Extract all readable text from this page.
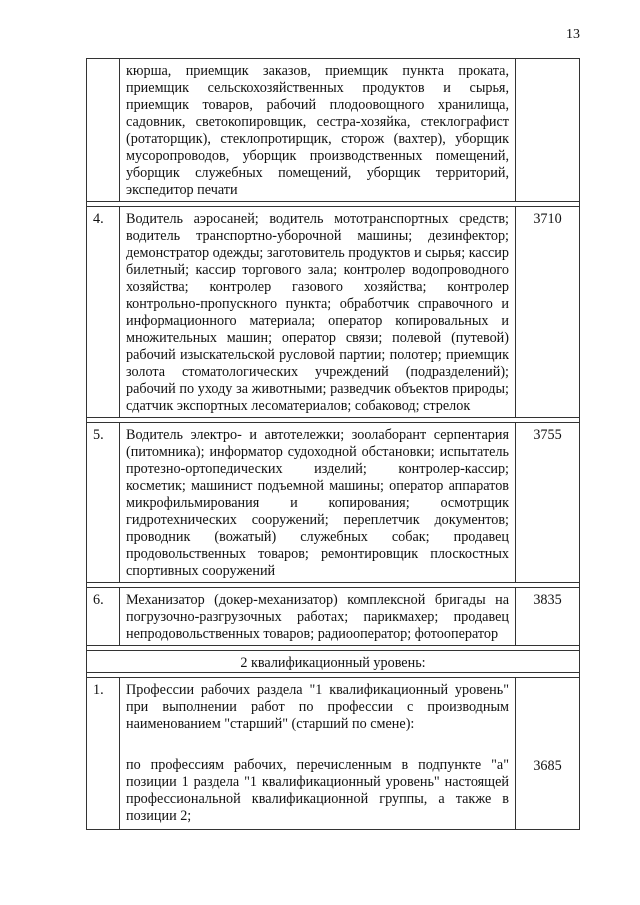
13
	кюрша, приемщик заказов, приемщик пункта проката, приемщик сельскохозяйственных продуктов и сырья, приемщик товаров, рабочий плодоовощного хранилища, садовник, светокопировщик, сестра-хозяйка, стеклографист (ротаторщик), стеклопротирщик, сторож (вахтер), уборщик мусоропроводов, уборщик производственных помещений, уборщик служебных помещений, уборщик территорий, экспедитор печати	

4.	Водитель аэросаней; водитель мототранспортных средств; водитель транспортно-уборочной машины; дезинфектор; демонстратор одежды; заготовитель продуктов и сырья; кассир билетный; кассир торгового зала; контролер водопроводного хозяйства; контролер газового хозяйства; контролер контрольно-пропускного пункта; обработчик справочного и информационного материала; оператор копировальных и множительных машин; оператор связи; полевой (путевой) рабочий изыскательской русловой партии; полотер; приемщик золота стоматологических учреждений (подразделений); рабочий по уходу за животными; разведчик объектов природы; сдатчик экспортных лесоматериалов; собаковод; стрелок	3710

5.	Водитель электро- и автотележки; зоолаборант серпентария (питомника); информатор судоходной обстановки; испытатель протезно-ортопедических изделий; контролер-кассир; косметик; машинист подъемной машины; оператор аппаратов микрофильмирования и копирования; осмотрщик гидротехнических сооружений; переплетчик документов; проводник (вожатый) служебных собак; продавец продовольственных товаров; ремонтировщик плоскостных спортивных сооружений	3755

6.	Механизатор (докер-механизатор) комплексной бригады на погрузочно-разгрузочных работах; парикмахер; продавец непродовольственных товаров; радиооператор; фотооператор	3835

2 квалификационный уровень:		

1.	Профессии рабочих раздела "1 квалификационный уровень" при выполнении работ по профессии с производным наименованием "старший" (старший по смене):
по профессиям рабочих, перечисленным в подпункте "а" позиции 1 раздела "1 квалификационный уровень" настоящей профессиональной квалификационной группы, а также в позиции 2;	3685
